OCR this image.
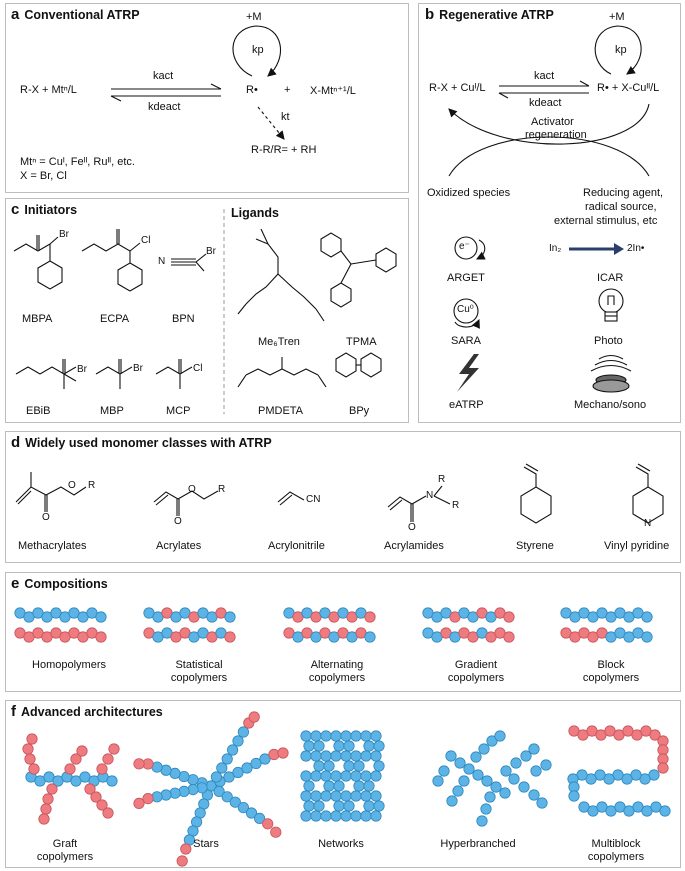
a Conventional ATRP
R-X + Mtⁿ/L
kact
kdeact
R• + X-Mtⁿ⁺¹/L
+M
kp
kt
R-R/R= + RH
Mtⁿ = Cuᴵ, Feᴵᴵ, Ruᴵᴵ, etc.
X = Br, Cl
b Regenerative ATRP
R-X + Cuᴵ/L
kact
kdeact
R• + X-Cuᴵᴵ/L
+M
kp
Activator
regeneration
Oxidized species	Reducing agent,
radical source,
external stimulus, etc
e⁻	In₂	2In•
Cu⁰
ARGET	ICAR
SARA	Photo
eATRP	Mechano/sono
c Initiators	Ligands
Br
Cl
N
Br
Br	Br	Cl
MBPA	ECPA	BPN
EBiB	MBP	MCP
Me₆Tren	TPMA
PMDETA	BPy
d Widely used monomer classes with ATRP
O R
O
O R
O
CN	N
R
R
O	N
Methacrylates	Acrylates	Acrylonitrile	Acrylamides	Styrene	Vinyl pyridine
e Compositions
Homopolymers	Statistical
copolymers
Alternating
copolymers
Gradient
copolymers
Block
copolymers
f Advanced architectures
Graft
copolymers
Stars	Networks	Hyperbranched	Multiblock
copolymers
